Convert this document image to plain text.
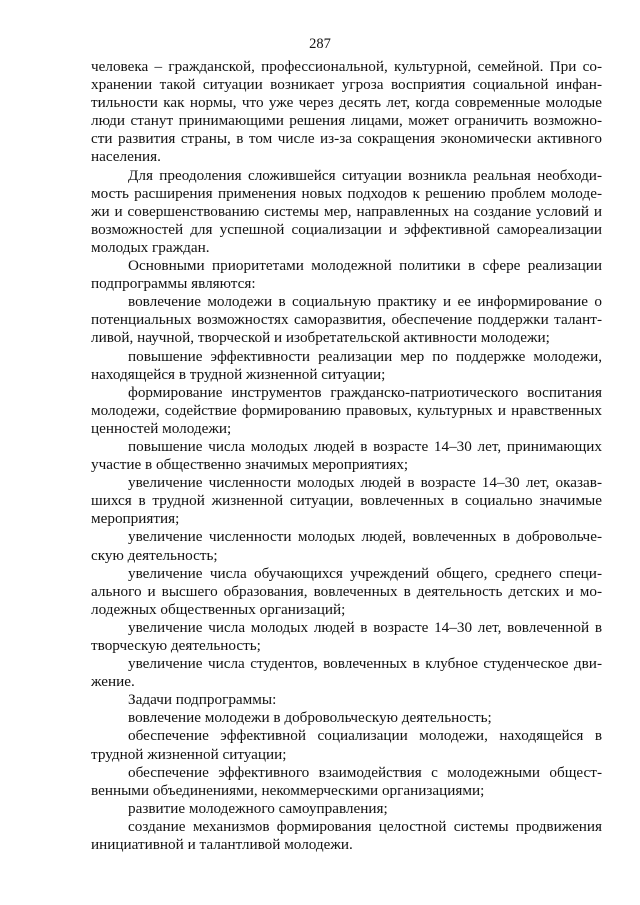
287

человека – гражданской, профессиональной, культурной, семейной. При сохранении такой ситуации возникает угроза восприятия социальной инфантильности как нормы, что уже через десять лет, когда современные молодые люди станут принимающими решения лицами, может ограничить возможности развития страны, в том числе из-за сокращения экономически активного населения.

Для преодоления сложившейся ситуации возникла реальная необходимость расширения применения новых подходов к решению проблем молодежи и совершенствованию системы мер, направленных на создание условий и возможностей для успешной социализации и эффективной самореализации молодых граждан.

Основными приоритетами молодежной политики в сфере реализации подпрограммы являются:

вовлечение молодежи в социальную практику и ее информирование о потенциальных возможностях саморазвития, обеспечение поддержки талантливой, научной, творческой и изобретательской активности молодежи;

повышение эффективности реализации мер по поддержке молодежи, находящейся в трудной жизненной ситуации;

формирование инструментов гражданско-патриотического воспитания молодежи, содействие формированию правовых, культурных и нравственных ценностей молодежи;

повышение числа молодых людей в возрасте 14–30 лет, принимающих участие в общественно значимых мероприятиях;

увеличение численности молодых людей в возрасте 14–30 лет, оказавшихся в трудной жизненной ситуации, вовлеченных в социально значимые мероприятия;

увеличение численности молодых людей, вовлеченных в добровольческую деятельность;

увеличение числа обучающихся учреждений общего, среднего специального и высшего образования, вовлеченных в деятельность детских и молодежных общественных организаций;

увеличение числа молодых людей в возрасте 14–30 лет, вовлеченной в творческую деятельность;

увеличение числа студентов, вовлеченных в клубное студенческое движение.

Задачи подпрограммы:

вовлечение молодежи в добровольческую деятельность;

обеспечение эффективной социализации молодежи, находящейся в трудной жизненной ситуации;

обеспечение эффективного взаимодействия с молодежными общественными объединениями, некоммерческими организациями;

развитие молодежного самоуправления;

создание механизмов формирования целостной системы продвижения инициативной и талантливой молодежи.
